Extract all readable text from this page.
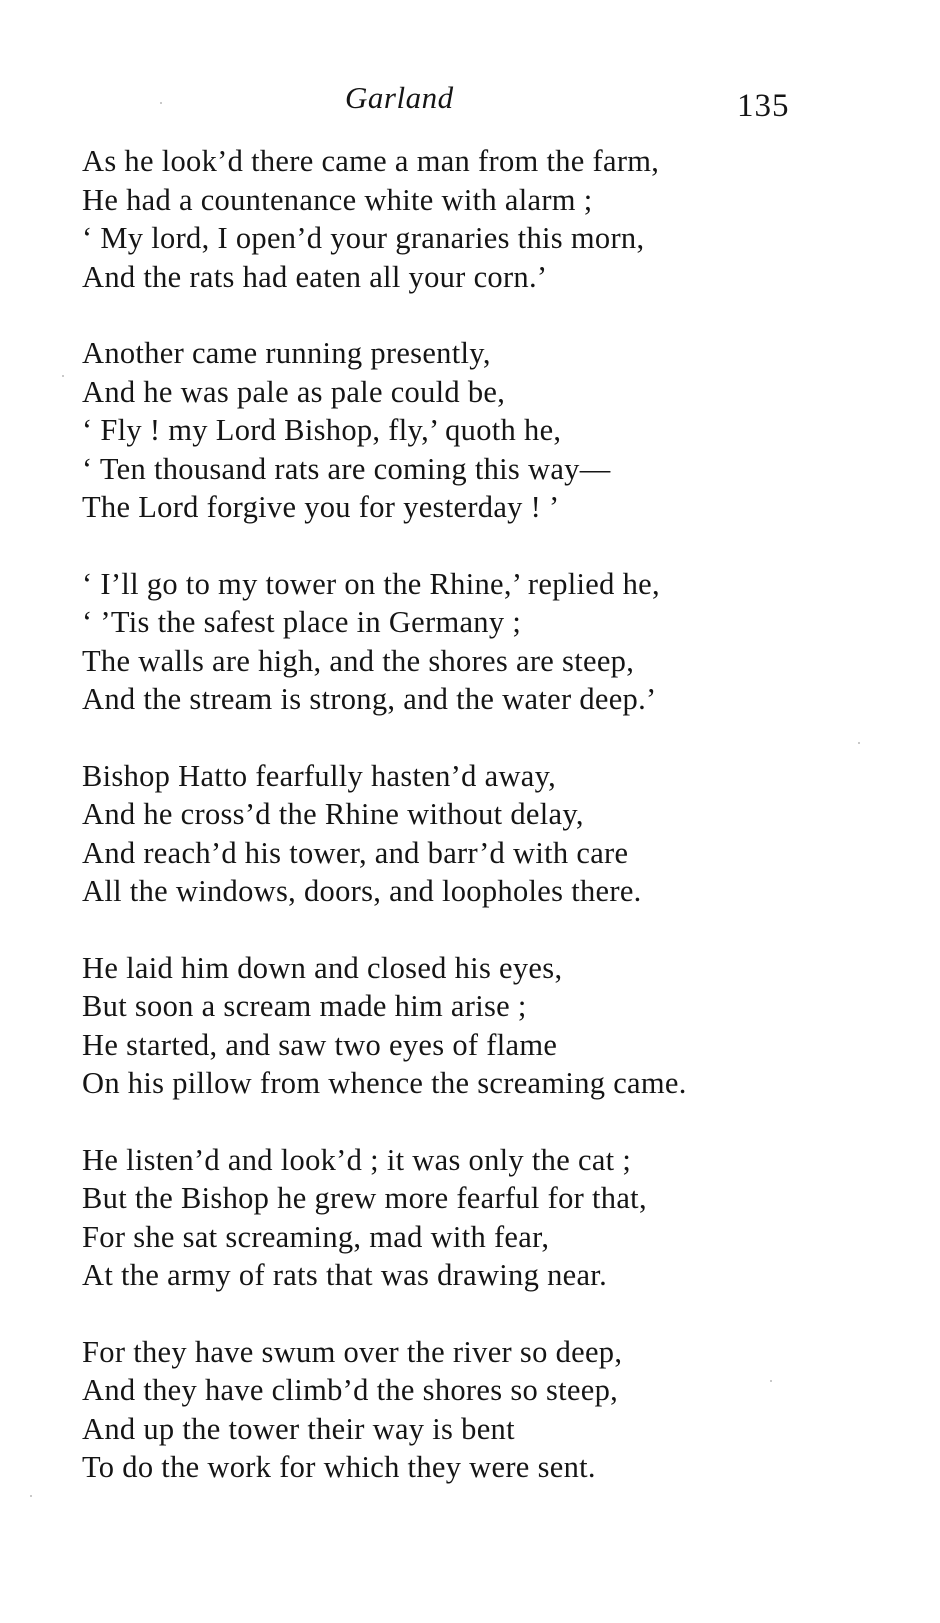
Garland	135
As he look’d there came a man from the farm,
He had a countenance white with alarm ;
‘ My lord, I open’d your granaries this morn,
And the rats had eaten all your corn.’
Another came running presently,
And he was pale as pale could be,
‘ Fly ! my Lord Bishop, fly,’ quoth he,
‘ Ten thousand rats are coming this way—
The Lord forgive you for yesterday ! ’
‘ I’ll go to my tower on the Rhine,’ replied he,
‘ ’Tis the safest place in Germany ;
The walls are high, and the shores are steep,
And the stream is strong, and the water deep.’
Bishop Hatto fearfully hasten’d away,
And he cross’d the Rhine without delay,
And reach’d his tower, and barr’d with care
All the windows, doors, and loopholes there.
He laid him down and closed his eyes,
But soon a scream made him arise ;
He started, and saw two eyes of flame
On his pillow from whence the screaming came.
He listen’d and look’d ; it was only the cat ;
But the Bishop he grew more fearful for that,
For she sat screaming, mad with fear,
At the army of rats that was drawing near.
For they have swum over the river so deep,
And they have climb’d the shores so steep,
And up the tower their way is bent
To do the work for which they were sent.
